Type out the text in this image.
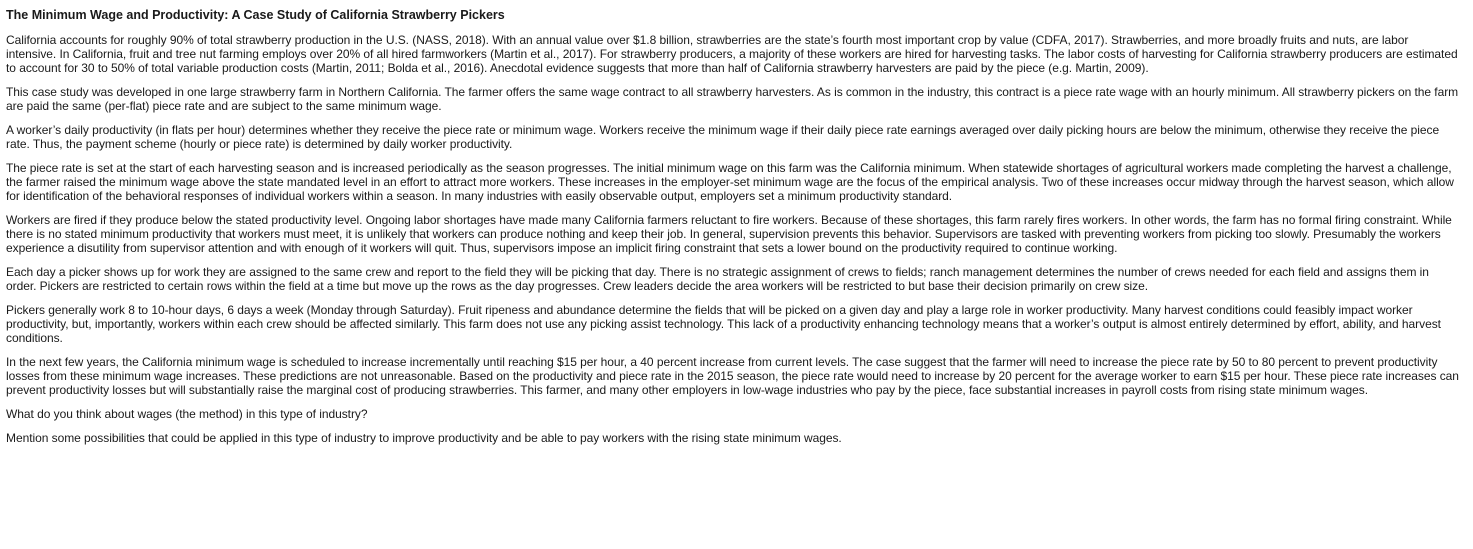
The Minimum Wage and Productivity: A Case Study of California Strawberry Pickers

California accounts for roughly 90% of total strawberry production in the U.S. (NASS, 2018). With an annual value over $1.8 billion, strawberries are the state’s fourth most important crop by value (CDFA, 2017). Strawberries, and more broadly fruits and nuts, are labor intensive. In California, fruit and tree nut farming employs over 20% of all hired farmworkers (Martin et al., 2017). For strawberry producers, a majority of these workers are hired for harvesting tasks. The labor costs of harvesting for California strawberry producers are estimated to account for 30 to 50% of total variable production costs (Martin, 2011; Bolda et al., 2016). Anecdotal evidence suggests that more than half of California strawberry harvesters are paid by the piece (e.g. Martin, 2009).

This case study was developed in one large strawberry farm in Northern California. The farmer offers the same wage contract to all strawberry harvesters. As is common in the industry, this contract is a piece rate wage with an hourly minimum. All strawberry pickers on the farm are paid the same (per-flat) piece rate and are subject to the same minimum wage.

A worker’s daily productivity (in flats per hour) determines whether they receive the piece rate or minimum wage. Workers receive the minimum wage if their daily piece rate earnings averaged over daily picking hours are below the minimum, otherwise they receive the piece rate. Thus, the payment scheme (hourly or piece rate) is determined by daily worker productivity.

The piece rate is set at the start of each harvesting season and is increased periodically as the season progresses. The initial minimum wage on this farm was the California minimum. When statewide shortages of agricultural workers made completing the harvest a challenge, the farmer raised the minimum wage above the state mandated level in an effort to attract more workers. These increases in the employer-set minimum wage are the focus of the empirical analysis. Two of these increases occur midway through the harvest season, which allow for identification of the behavioral responses of individual workers within a season. In many industries with easily observable output, employers set a minimum productivity standard.

Workers are fired if they produce below the stated productivity level. Ongoing labor shortages have made many California farmers reluctant to fire workers. Because of these shortages, this farm rarely fires workers. In other words, the farm has no formal firing constraint. While there is no stated minimum productivity that workers must meet, it is unlikely that workers can produce nothing and keep their job. In general, supervision prevents this behavior. Supervisors are tasked with preventing workers from picking too slowly. Presumably the workers experience a disutility from supervisor attention and with enough of it workers will quit. Thus, supervisors impose an implicit firing constraint that sets a lower bound on the productivity required to continue working.

Each day a picker shows up for work they are assigned to the same crew and report to the field they will be picking that day. There is no strategic assignment of crews to fields; ranch management determines the number of crews needed for each field and assigns them in order. Pickers are restricted to certain rows within the field at a time but move up the rows as the day progresses. Crew leaders decide the area workers will be restricted to but base their decision primarily on crew size.

Pickers generally work 8 to 10-hour days, 6 days a week (Monday through Saturday). Fruit ripeness and abundance determine the fields that will be picked on a given day and play a large role in worker productivity. Many harvest conditions could feasibly impact worker productivity, but, importantly, workers within each crew should be affected similarly. This farm does not use any picking assist technology. This lack of a productivity enhancing technology means that a worker’s output is almost entirely determined by effort, ability, and harvest conditions.

In the next few years, the California minimum wage is scheduled to increase incrementally until reaching $15 per hour, a 40 percent increase from current levels. The case suggest that the farmer will need to increase the piece rate by 50 to 80 percent to prevent productivity losses from these minimum wage increases. These predictions are not unreasonable. Based on the productivity and piece rate in the 2015 season, the piece rate would need to increase by 20 percent for the average worker to earn $15 per hour. These piece rate increases can prevent productivity losses but will substantially raise the marginal cost of producing strawberries. This farmer, and many other employers in low-wage industries who pay by the piece, face substantial increases in payroll costs from rising state minimum wages.

What do you think about wages (the method) in this type of industry?

Mention some possibilities that could be applied in this type of industry to improve productivity and be able to pay workers with the rising state minimum wages.
